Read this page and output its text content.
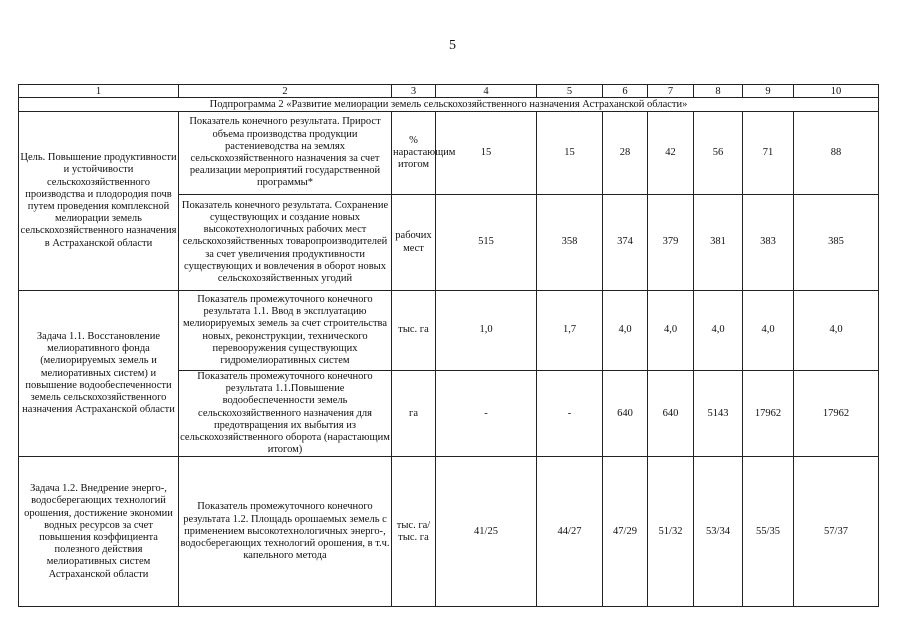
5
1	2	3	4	5	6	7	8	9	10
Подпрограмма 2 «Развитие мелиорации земель сельскохозяйственного назначения Астраханской области»									
Цель. Повышение продуктивности и устойчивости сельскохозяйственного производства и плодородия почв путем проведения комплексной мелиорации земель сельскохозяйственного назначения в Астраханской области	Показатель конечного результата. Прирост объема производства продукции растениеводства на землях сельскохозяйственного назначения за счет реализации мероприятий государственной программы*	% нарастающим итогом	15	15	28	42	56	71	88
	Показатель конечного результата. Сохранение существующих и создание новых высокотехнологичных рабочих мест сельскохозяйственных товаропроизводителей за счет увеличения продуктивности существующих и вовлечения в оборот новых сельскохозяйственных угодий	рабочих мест	515	358	374	379	381	383	385
Задача 1.1. Восстановление мелиоративного фонда (мелиорируемых земель и мелиоративных систем) и повышение водообеспеченности земель сельскохозяйственного назначения Астраханской области	Показатель промежуточного конечного результата 1.1. Ввод в эксплуатацию мелиорируемых земель за счет строительства новых, реконструкции, технического перевооружения существующих гидромелиоративных систем	тыс. га	1,0	1,7	4,0	4,0	4,0	4,0	4,0
	Показатель промежуточного конечного результата 1.1.Повышение водообеспеченности земель сельскохозяйственного назначения для предотвращения их выбытия из сельскохозяйственного оборота (нарастающим итогом)	га	-	-	640	640	5143	17962	17962
Задача 1.2. Внедрение энерго-, водосберегающих технологий орошения, достижение экономии водных ресурсов за счет повышения коэффициента полезного действия мелиоративных систем Астраханской области	Показатель промежуточного конечного результата 1.2. Площадь орошаемых земель с применением высокотехнологичных энерго-, водосберегающих технологий орошения, в т.ч. капельного метода	тыс. га/ тыс. га	41/25	44/27	47/29	51/32	53/34	55/35	57/37
